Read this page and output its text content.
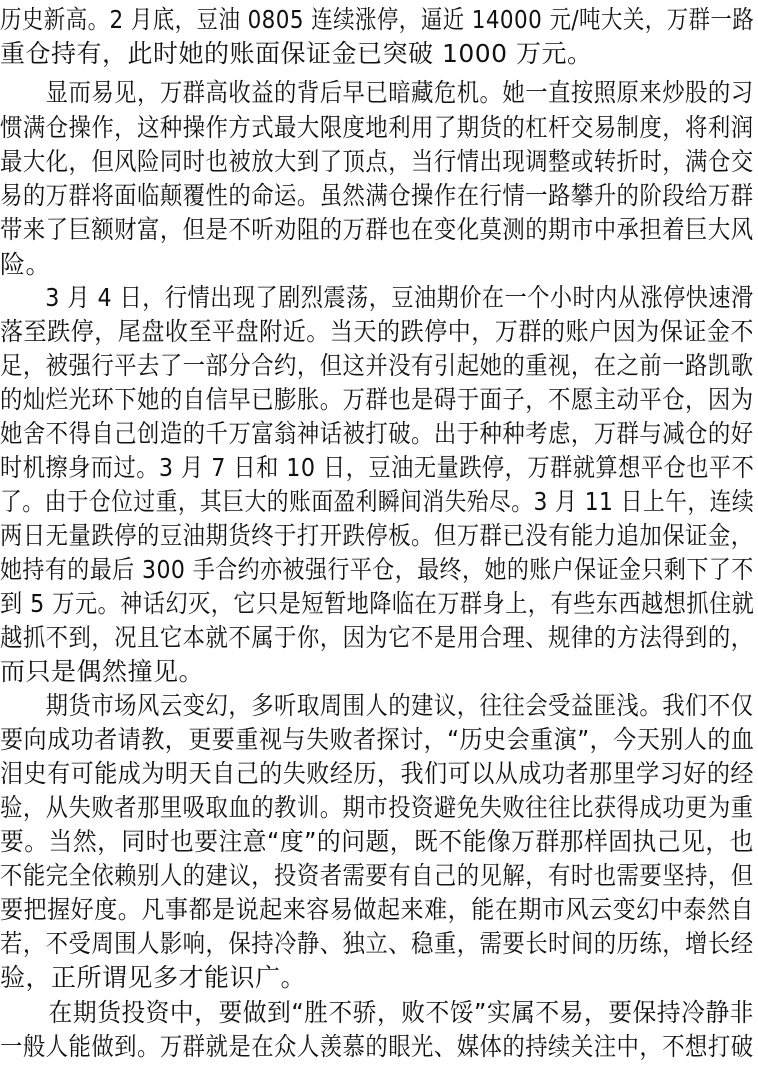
历史新高。2 月底，豆油 0805 连续涨停，逼近 14000 元/吨大关，万群一路
重仓持有，此时她的账面保证金已突破 1000 万元。
　　显而易见，万群高收益的背后早已暗藏危机。她一直按照原来炒股的习
惯满仓操作，这种操作方式最大限度地利用了期货的杠杆交易制度，将利润
最大化，但风险同时也被放大到了顶点，当行情出现调整或转折时，满仓交
易的万群将面临颠覆性的命运。虽然满仓操作在行情一路攀升的阶段给万群
带来了巨额财富，但是不听劝阻的万群也在变化莫测的期市中承担着巨大风
险。
　　3 月 4 日，行情出现了剧烈震荡，豆油期价在一个小时内从涨停快速滑
落至跌停，尾盘收至平盘附近。当天的跌停中，万群的账户因为保证金不
足，被强行平去了一部分合约，但这并没有引起她的重视，在之前一路凯歌
的灿烂光环下她的自信早已膨胀。万群也是碍于面子，不愿主动平仓，因为
她舍不得自己创造的千万富翁神话被打破。出于种种考虑，万群与减仓的好
时机擦身而过。3 月 7 日和 10 日，豆油无量跌停，万群就算想平仓也平不
了。由于仓位过重，其巨大的账面盈利瞬间消失殆尽。3 月 11 日上午，连续
两日无量跌停的豆油期货终于打开跌停板。但万群已没有能力追加保证金，
她持有的最后 300 手合约亦被强行平仓，最终，她的账户保证金只剩下了不
到 5 万元。神话幻灭，它只是短暂地降临在万群身上，有些东西越想抓住就
越抓不到，况且它本就不属于你，因为它不是用合理、规律的方法得到的，
而只是偶然撞见。
　　期货市场风云变幻，多听取周围人的建议，往往会受益匪浅。我们不仅
要向成功者请教，更要重视与失败者探讨，“历史会重演”，今天别人的血
泪史有可能成为明天自己的失败经历，我们可以从成功者那里学习好的经
验，从失败者那里吸取血的教训。期市投资避免失败往往比获得成功更为重
要。当然，同时也要注意“度”的问题，既不能像万群那样固执己见，也
不能完全依赖别人的建议，投资者需要有自己的见解，有时也需要坚持，但
要把握好度。凡事都是说起来容易做起来难，能在期市风云变幻中泰然自
若，不受周围人影响，保持冷静、独立、稳重，需要长时间的历练，增长经
验，正所谓见多才能识广。
　　在期货投资中，要做到“胜不骄，败不馁”实属不易，要保持冷静非
一般人能做到。万群就是在众人羡慕的眼光、媒体的持续关注中，不想打破
